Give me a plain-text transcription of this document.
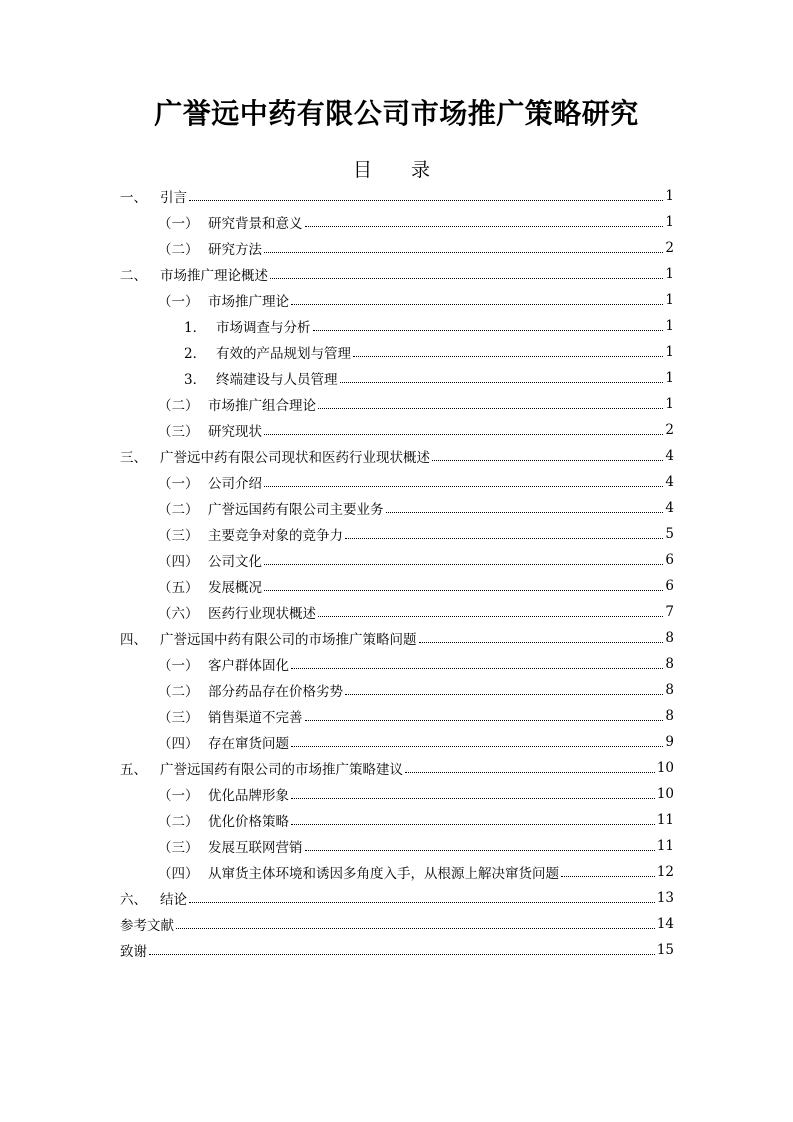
广誉远中药有限公司市场推广策略研究
目　录
一、 引言	1
（一） 研究背景和意义	1
（二） 研究方法	2
二、 市场推广理论概述	1
（一） 市场推广理论	1
1． 市场调查与分析	1
2． 有效的产品规划与管理	1
3． 终端建设与人员管理	1
（二） 市场推广组合理论	1
（三） 研究现状	2
三、 广誉远中药有限公司现状和医药行业现状概述	4
（一） 公司介绍	4
（二） 广誉远国药有限公司主要业务	4
（三） 主要竞争对象的竞争力	5
（四） 公司文化	6
（五） 发展概况	6
（六） 医药行业现状概述	7
四、 广誉远国中药有限公司的市场推广策略问题	8
（一） 客户群体固化	8
（二） 部分药品存在价格劣势	8
（三） 销售渠道不完善	8
（四） 存在窜货问题	9
五、 广誉远国药有限公司的市场推广策略建议	10
（一） 优化品牌形象	10
（二） 优化价格策略	11
（三） 发展互联网营销	11
（四） 从窜货主体环境和诱因多角度入手，从根源上解决窜货问题	12
六、 结论	13
参考文献	14
致谢	15
